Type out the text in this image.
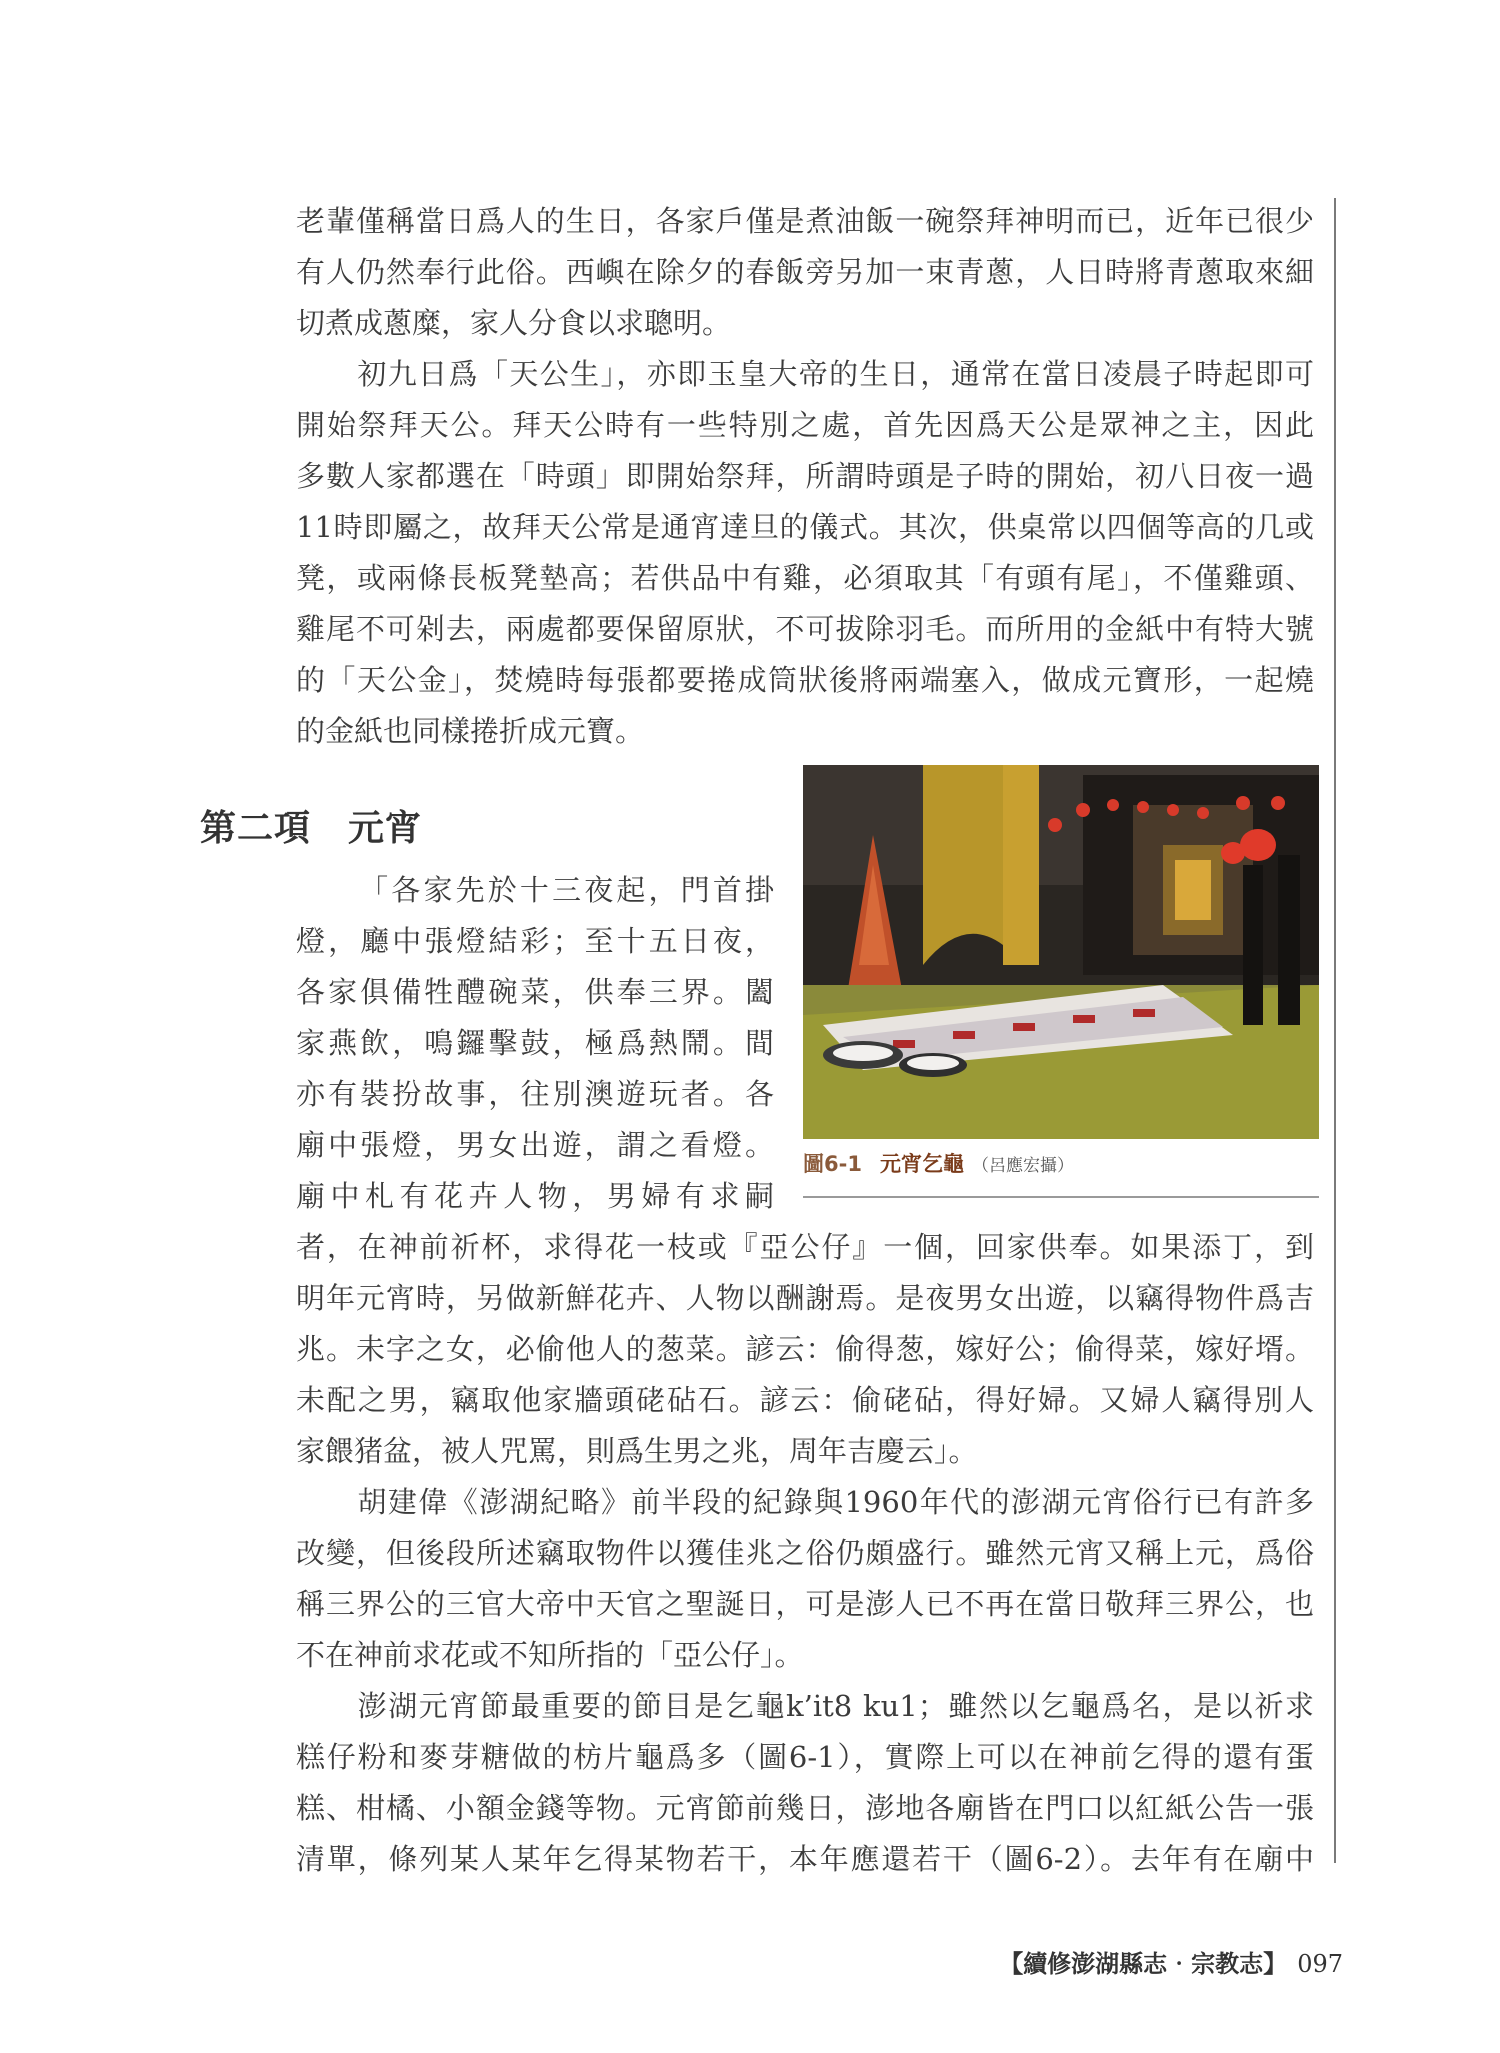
老輩僅稱當日爲人的生日，各家戶僅是煮油飯一碗祭拜神明而已，近年已很少
有人仍然奉行此俗。西嶼在除夕的春飯旁另加一束青蔥，人日時將青蔥取來細
切煮成蔥糜，家人分食以求聰明。
初九日爲「天公生」，亦即玉皇大帝的生日，通常在當日凌晨子時起即可
開始祭拜天公。拜天公時有一些特別之處，首先因爲天公是眾神之主，因此
多數人家都選在「時頭」即開始祭拜，所謂時頭是子時的開始，初八日夜一過
11時即屬之，故拜天公常是通宵達旦的儀式。其次，供桌常以四個等高的几或
凳，或兩條長板凳墊高；若供品中有雞，必須取其「有頭有尾」，不僅雞頭、
雞尾不可剁去，兩處都要保留原狀，不可拔除羽毛。而所用的金紙中有特大號
的「天公金」，焚燒時每張都要捲成筒狀後將兩端塞入，做成元寶形，一起燒
的金紙也同樣捲折成元寶。
第二項　元宵
圖6-1 元宵乞龜 （呂應宏攝）
「各家先於十三夜起，門首掛
燈，廳中張燈結彩；至十五日夜，
各家俱備牲醴碗菜，供奉三界。闔
家燕飲，鳴鑼擊鼓，極爲熱鬧。間
亦有裝扮故事，往別澳遊玩者。各
廟中張燈，男女出遊，謂之看燈。
廟中札有花卉人物，男婦有求嗣
者，在神前祈杯，求得花一枝或『亞公仔』一個，回家供奉。如果添丁，到
明年元宵時，另做新鮮花卉、人物以酬謝焉。是夜男女出遊，以竊得物件爲吉
兆。未字之女，必偷他人的葱菜。諺云：偷得葱，嫁好公；偷得菜，嫁好壻。
未配之男，竊取他家牆頭硓砧石。諺云：偷硓砧，得好婦。又婦人竊得別人
家餵猪盆，被人咒罵，則爲生男之兆，周年吉慶云」。
胡建偉《澎湖紀略》前半段的紀錄與1960年代的澎湖元宵俗行已有許多
改變，但後段所述竊取物件以獲佳兆之俗仍頗盛行。雖然元宵又稱上元，爲俗
稱三界公的三官大帝中天官之聖誕日，可是澎人已不再在當日敬拜三界公，也
不在神前求花或不知所指的「亞公仔」。
澎湖元宵節最重要的節目是乞龜k’it8 ku1；雖然以乞龜爲名，是以祈求
糕仔粉和麥芽糖做的枋片龜爲多（圖6-1），實際上可以在神前乞得的還有蛋
糕、柑橘、小額金錢等物。元宵節前幾日，澎地各廟皆在門口以紅紙公告一張
清單，條列某人某年乞得某物若干，本年應還若干（圖6-2）。去年有在廟中
【續修澎湖縣志‧宗教志】 097
